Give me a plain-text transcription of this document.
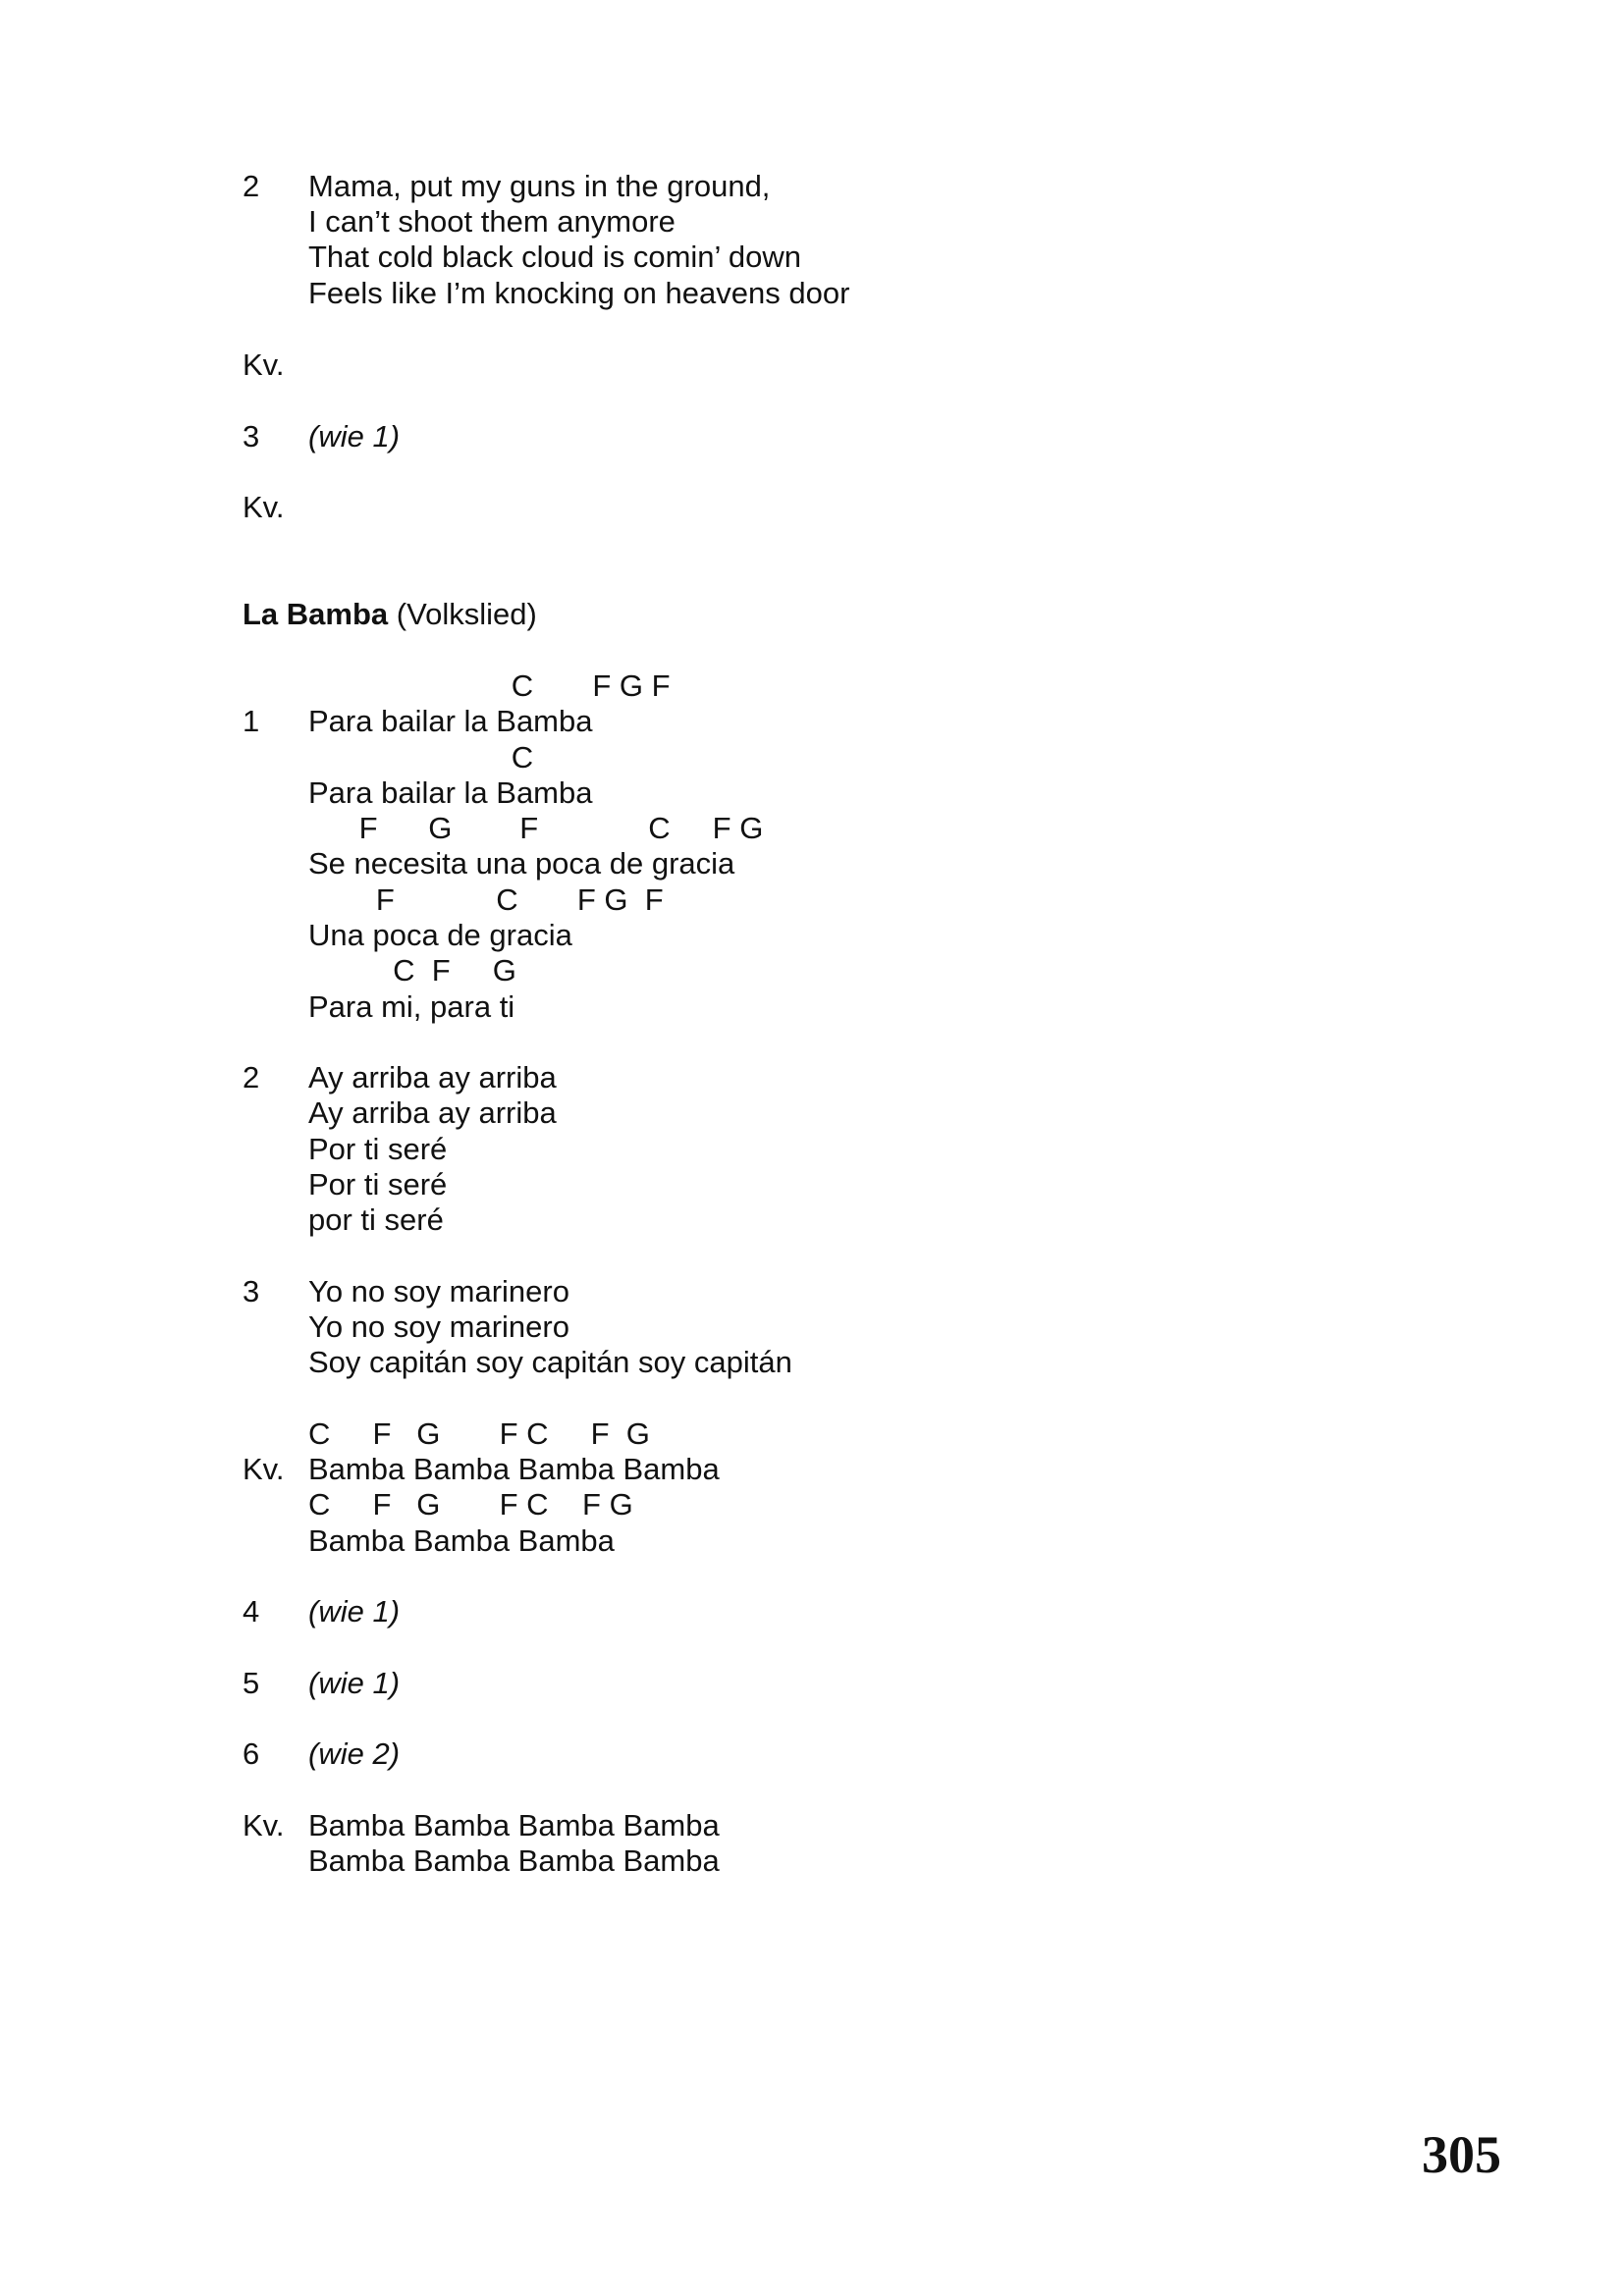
2 Mama, put my guns in the ground,
I can’t shoot them anymore
That cold black cloud is comin’ down
Feels like I’m knocking on heavens door
Kv.
3 (wie 1)
Kv.
La Bamba (Volkslied)
C       F G F
1 Para bailar la Bamba
C
Para bailar la Bamba
F      G        F             C     F G
Se necesita una poca de gracia
F            C       F G  F
Una poca de gracia
C  F     G
Para mi, para ti
2 Ay arriba ay arriba
Ay arriba ay arriba
Por ti seré
Por ti seré
por ti seré
3 Yo no soy marinero
Yo no soy marinero
Soy capitán soy capitán soy capitán
C     F   G       F C     F  G
Kv. Bamba Bamba Bamba Bamba
C     F   G       F C    F G
Bamba Bamba Bamba
4 (wie 1)
5 (wie 1)
6 (wie 2)
Kv. Bamba Bamba Bamba Bamba
Bamba Bamba Bamba Bamba
305
